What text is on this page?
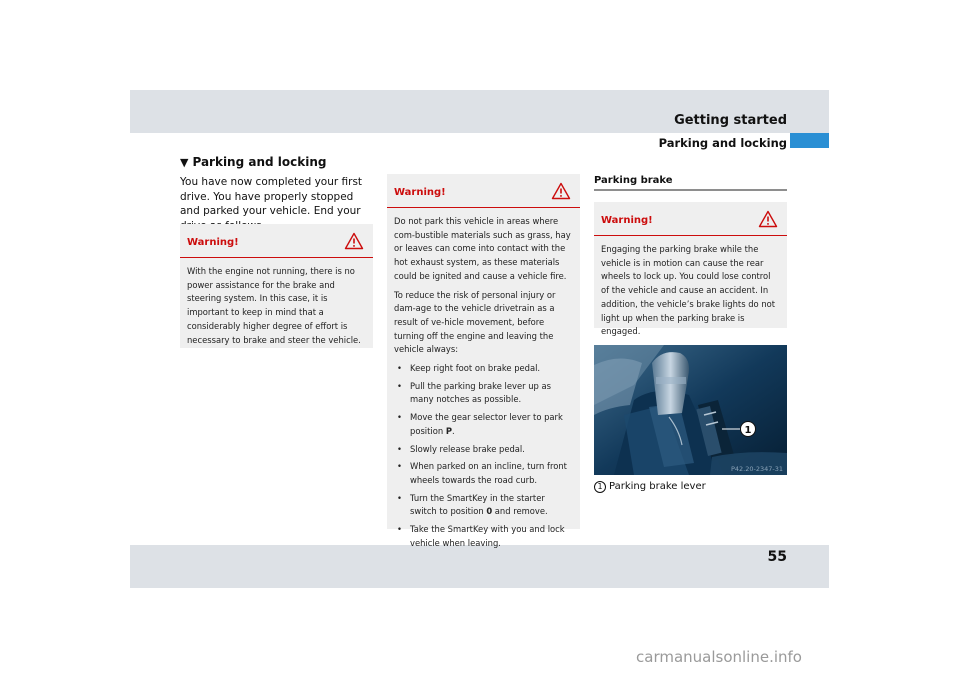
Getting started
Parking and locking
55
▼ Parking and locking
You have now completed your first drive. You have properly stopped and parked your vehicle. End your
Warning!
With the engine not running, there is no power assistance for the brake and steering system. In this case, it is important to keep in mind that a considerably higher degree of effort is necessary to brake and steer the vehicle.
Warning!

Do not park this vehicle in areas where com-bustible materials such as grass, hay or leaves can come into contact with the hot exhaust system, as these materials could be ignited and cause a vehicle fire.

To reduce the risk of personal injury or dam-age to the vehicle drivetrain as a result of ve-hicle movement, before turning off the engine and leaving the vehicle always:

• Keep right foot on brake pedal.
• Pull the parking brake lever up as many notches as possible.
• Move the gear selector lever to park position P.
• Slowly release brake pedal.
• When parked on an incline, turn front wheels towards the road curb.
• Turn the SmartKey in the starter switch to position 0 and remove.
• Take the SmartKey with you and lock vehicle when leaving.
Parking brake
Warning!
Engaging the parking brake while the vehicle is in motion can cause the rear wheels to lock up. You could lose control of the vehicle and cause an accident. In addition, the vehicle’s brake lights do not light up when the parking brake is engaged.
1
P42.20-2347-31
1 Parking brake lever
carmanualsonline.info
